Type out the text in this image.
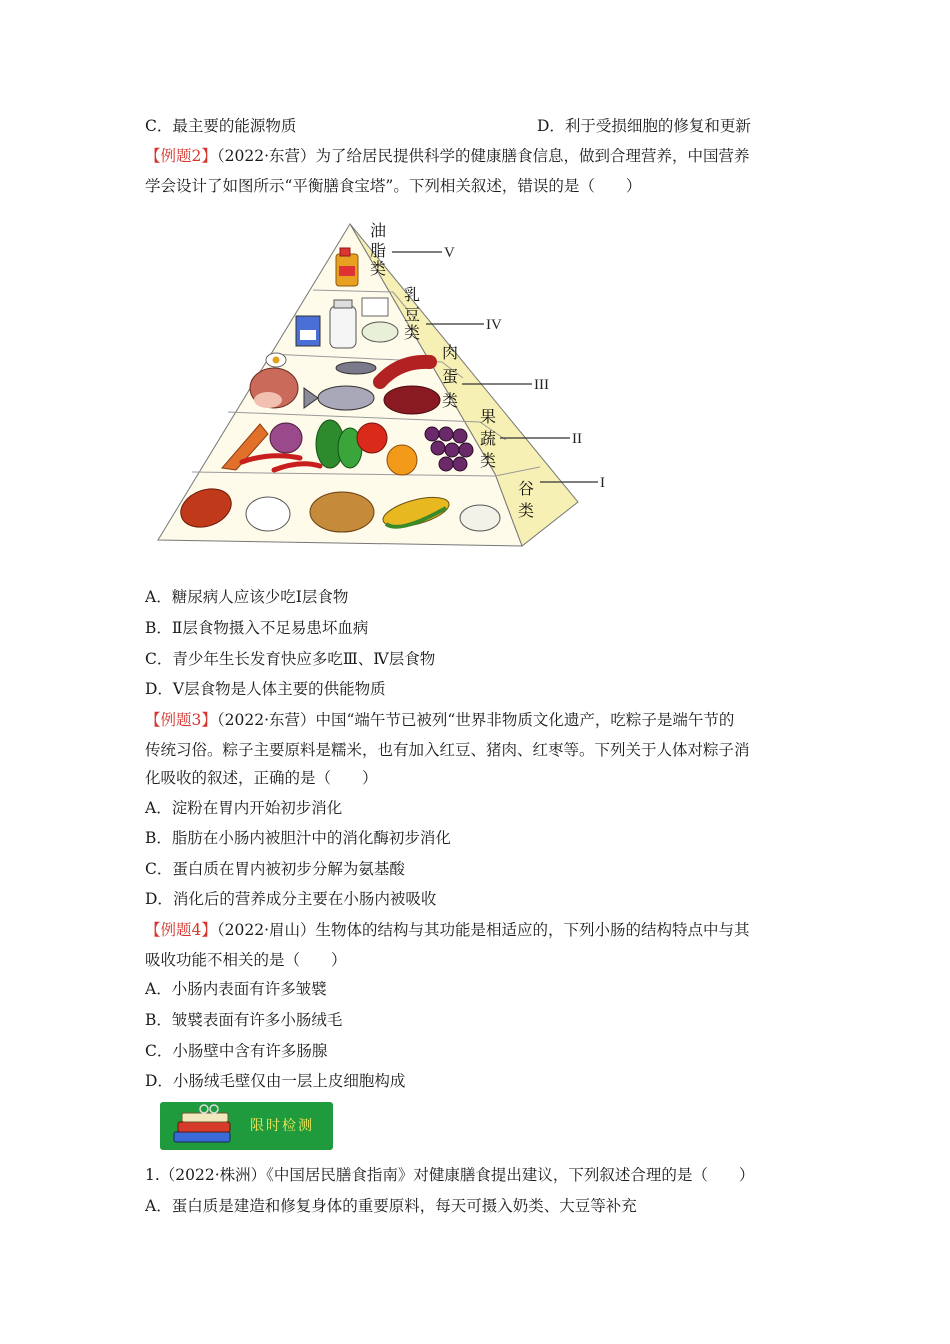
C．最主要的能源物质	D．利于受损细胞的修复和更新
【例题2】（2022·东营）为了给居民提供科学的健康膳食信息，做到合理营养，中国营养
学会设计了如图所示“平衡膳食宝塔”。下列相关叙述，错误的是（　　）
油
脂
类
乳
豆
类
肉
蛋
类
果
蔬
类
谷
类
V
IV
III
II
I
A．糖尿病人应该少吃Ⅰ层食物
B．Ⅱ层食物摄入不足易患坏血病
C．青少年生长发育快应多吃Ⅲ、Ⅳ层食物
D．Ⅴ层食物是人体主要的供能物质
【例题3】（2022·东营）中国“端午节已被列“世界非物质文化遗产，吃粽子是端午节的
传统习俗。粽子主要原料是糯米，也有加入红豆、猪肉、红枣等。下列关于人体对粽子消
化吸收的叙述，正确的是（　　）
A．淀粉在胃内开始初步消化
B．脂肪在小肠内被胆汁中的消化酶初步消化
C．蛋白质在胃内被初步分解为氨基酸
D．消化后的营养成分主要在小肠内被吸收
【例题4】（2022·眉山）生物体的结构与其功能是相适应的，下列小肠的结构特点中与其
吸收功能不相关的是（　　）
A．小肠内表面有许多皱襞
B．皱襞表面有许多小肠绒毛
C．小肠壁中含有许多肠腺
D．小肠绒毛壁仅由一层上皮细胞构成
限时检测
1.（2022·株洲）《中国居民膳食指南》对健康膳食提出建议，下列叙述合理的是（　　）
A．蛋白质是建造和修复身体的重要原料，每天可摄入奶类、大豆等补充
